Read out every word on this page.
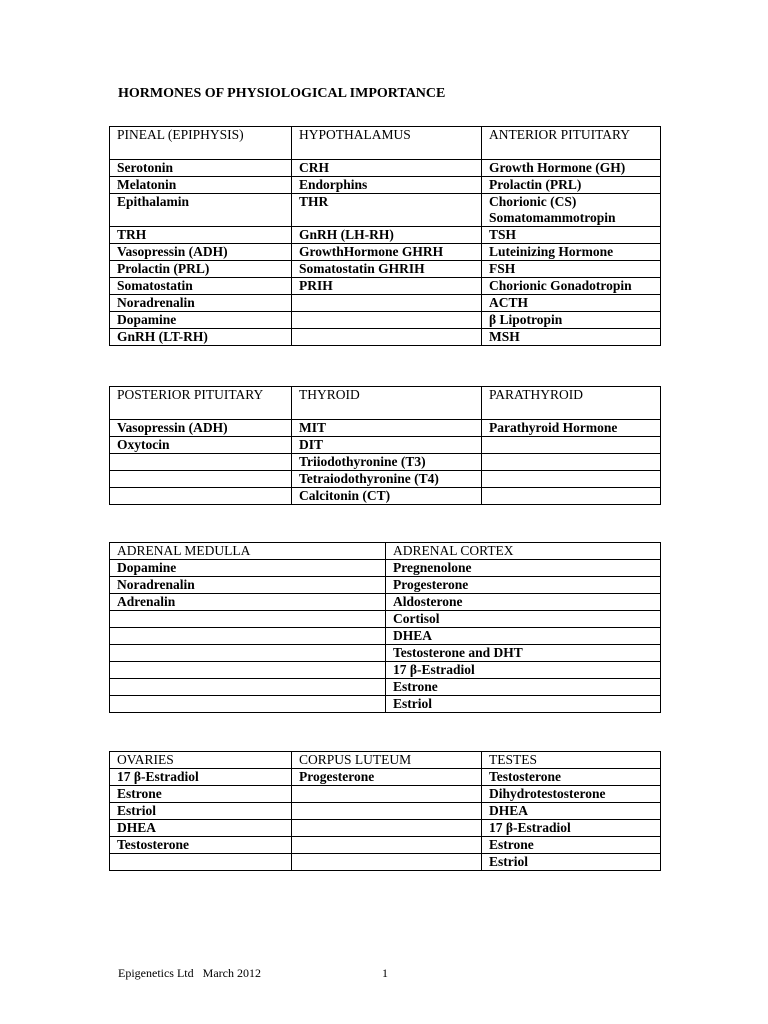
HORMONES OF PHYSIOLOGICAL IMPORTANCE
PINEAL (EPIPHYSIS)	HYPOTHALAMUS	ANTERIOR PITUITARY
Serotonin	CRH	Growth Hormone (GH)
Melatonin	Endorphins	Prolactin (PRL)
Epithalamin	THR	Chorionic (CS) Somatomammotropin
TRH	GnRH (LH-RH)	TSH
Vasopressin (ADH)	GrowthHormone GHRH	Luteinizing Hormone
Prolactin (PRL)	Somatostatin GHRIH	FSH
Somatostatin	PRIH	Chorionic Gonadotropin
Noradrenalin		ACTH
Dopamine		β Lipotropin
GnRH (LT-RH)		MSH
POSTERIOR PITUITARY	THYROID	PARATHYROID
Vasopressin (ADH)	MIT	Parathyroid Hormone
Oxytocin	DIT	
	Triiodothyronine (T3)	
	Tetraiodothyronine (T4)	
	Calcitonin (CT)	
ADRENAL MEDULLA	ADRENAL CORTEX
Dopamine	Pregnenolone
Noradrenalin	Progesterone
Adrenalin	Aldosterone
	Cortisol
	DHEA
	Testosterone and DHT
	17 β-Estradiol
	Estrone
	Estriol
OVARIES	CORPUS LUTEUM	TESTES
17 β-Estradiol	Progesterone	Testosterone
Estrone		Dihydrotestosterone
Estriol		DHEA
DHEA		17 β-Estradiol
Testosterone		Estrone
		Estriol
Epigenetics Ltd   March 2012	1
